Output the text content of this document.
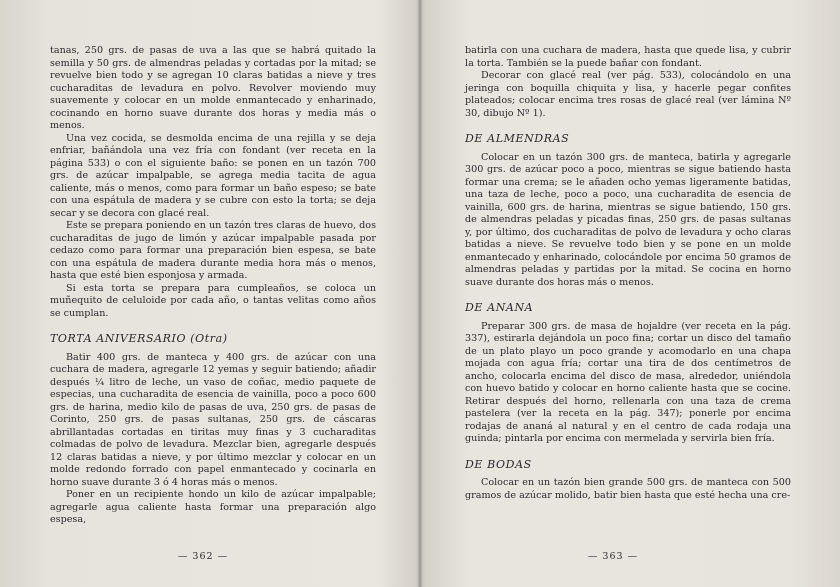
tanas, 250 grs. de pasas de uva a las que se habrá quitado la semilla y 50 grs. de almendras peladas y cortadas por la mitad; se revuelve bien todo y se agregan 10 claras batidas a nieve y tres cucharaditas de levadura en polvo. Revolver moviendo muy suavemente y colocar en un molde enmantecado y enharinado, cocinando en horno suave durante dos horas y media más o menos.

Una vez cocida, se desmolda encima de una rejilla y se deja enfriar, bañándola una vez fría con fondant (ver receta en la página 533) o con el siguiente baño: se ponen en un tazón 700 grs. de azúcar impalpable, se agrega media tacita de agua caliente, más o menos, como para formar un baño espeso; se bate con una espátula de madera y se cubre con esto la torta; se deja secar y se decora con glacé real.

Este se prepara poniendo en un tazón tres claras de huevo, dos cucharaditas de jugo de limón y azúcar impalpable pasada por cedazo como para formar una preparación bien espesa, se bate con una espátula de madera durante media hora más o menos, hasta que esté bien esponjosa y armada.

Si esta torta se prepara para cumpleaños, se coloca un muñequito de celuloide por cada año, o tantas velitas como años se cumplan.

TORTA ANIVERSARIO (Otra)

Batir 400 grs. de manteca y 400 grs. de azúcar con una cuchara de madera, agregarle 12 yemas y seguir batiendo; añadir después ¼ litro de leche, un vaso de coñac, medio paquete de especias, una cucharadita de esencia de vainilla, poco a poco 600 grs. de harina, medio kilo de pasas de uva, 250 grs. de pasas de Corinto, 250 grs. de pasas sultanas, 250 grs. de cáscaras abrillantadas cortadas en tiritas muy finas y 3 cucharaditas colmadas de polvo de levadura. Mezclar bien, agregarle después 12 claras batidas a nieve, y por último mezclar y colocar en un molde redondo forrado con papel enmantecado y cocinarla en horno suave durante 3 ó 4 horas más o menos.

Poner en un recipiente hondo un kilo de azúcar impalpable; agregarle agua caliente hasta formar una preparación algo espesa,

— 362 —

batirla con una cuchara de madera, hasta que quede lisa, y cubrir la torta. También se la puede bañar con fondant.

Decorar con glacé real (ver pág. 533), colocándolo en una jeringa con boquilla chiquita y lisa, y hacerle pegar confites plateados; colocar encima tres rosas de glacé real (ver lámina Nº 30, dibujo Nº 1).

DE ALMENDRAS

Colocar en un tazón 300 grs. de manteca, batirla y agregarle 300 grs. de azúcar poco a poco, mientras se sigue batiendo hasta formar una crema; se le añaden ocho yemas ligeramente batidas, una taza de leche, poco a poco, una cucharadita de esencia de vainilla, 600 grs. de harina, mientras se sigue batiendo, 150 grs. de almendras peladas y picadas finas, 250 grs. de pasas sultanas y, por último, dos cucharaditas de polvo de levadura y ocho claras batidas a nieve. Se revuelve todo bien y se pone en un molde enmantecado y enharinado, colocándole por encima 50 gramos de almendras peladas y partidas por la mitad. Se cocina en horno suave durante dos horas más o menos.

DE ANANA

Preparar 300 grs. de masa de hojaldre (ver receta en la pág. 337), estirarla dejándola un poco fina; cortar un disco del tamaño de un plato playo un poco grande y acomodarlo en una chapa mojada con agua fría; cortar una tira de dos centímetros de ancho, colocarla encima del disco de masa, alrededor, uniéndola con huevo batido y colocar en horno caliente hasta que se cocine. Retirar después del horno, rellenarla con una taza de crema pastelera (ver la receta en la pág. 347); ponerle por encima rodajas de ananá al natural y en el centro de cada rodaja una guinda; pintarla por encima con mermelada y servirla bien fría.

DE BODAS

Colocar en un tazón bien grande 500 grs. de manteca con 500 gramos de azúcar molido, batir bien hasta que esté hecha una cre-

— 363 —
